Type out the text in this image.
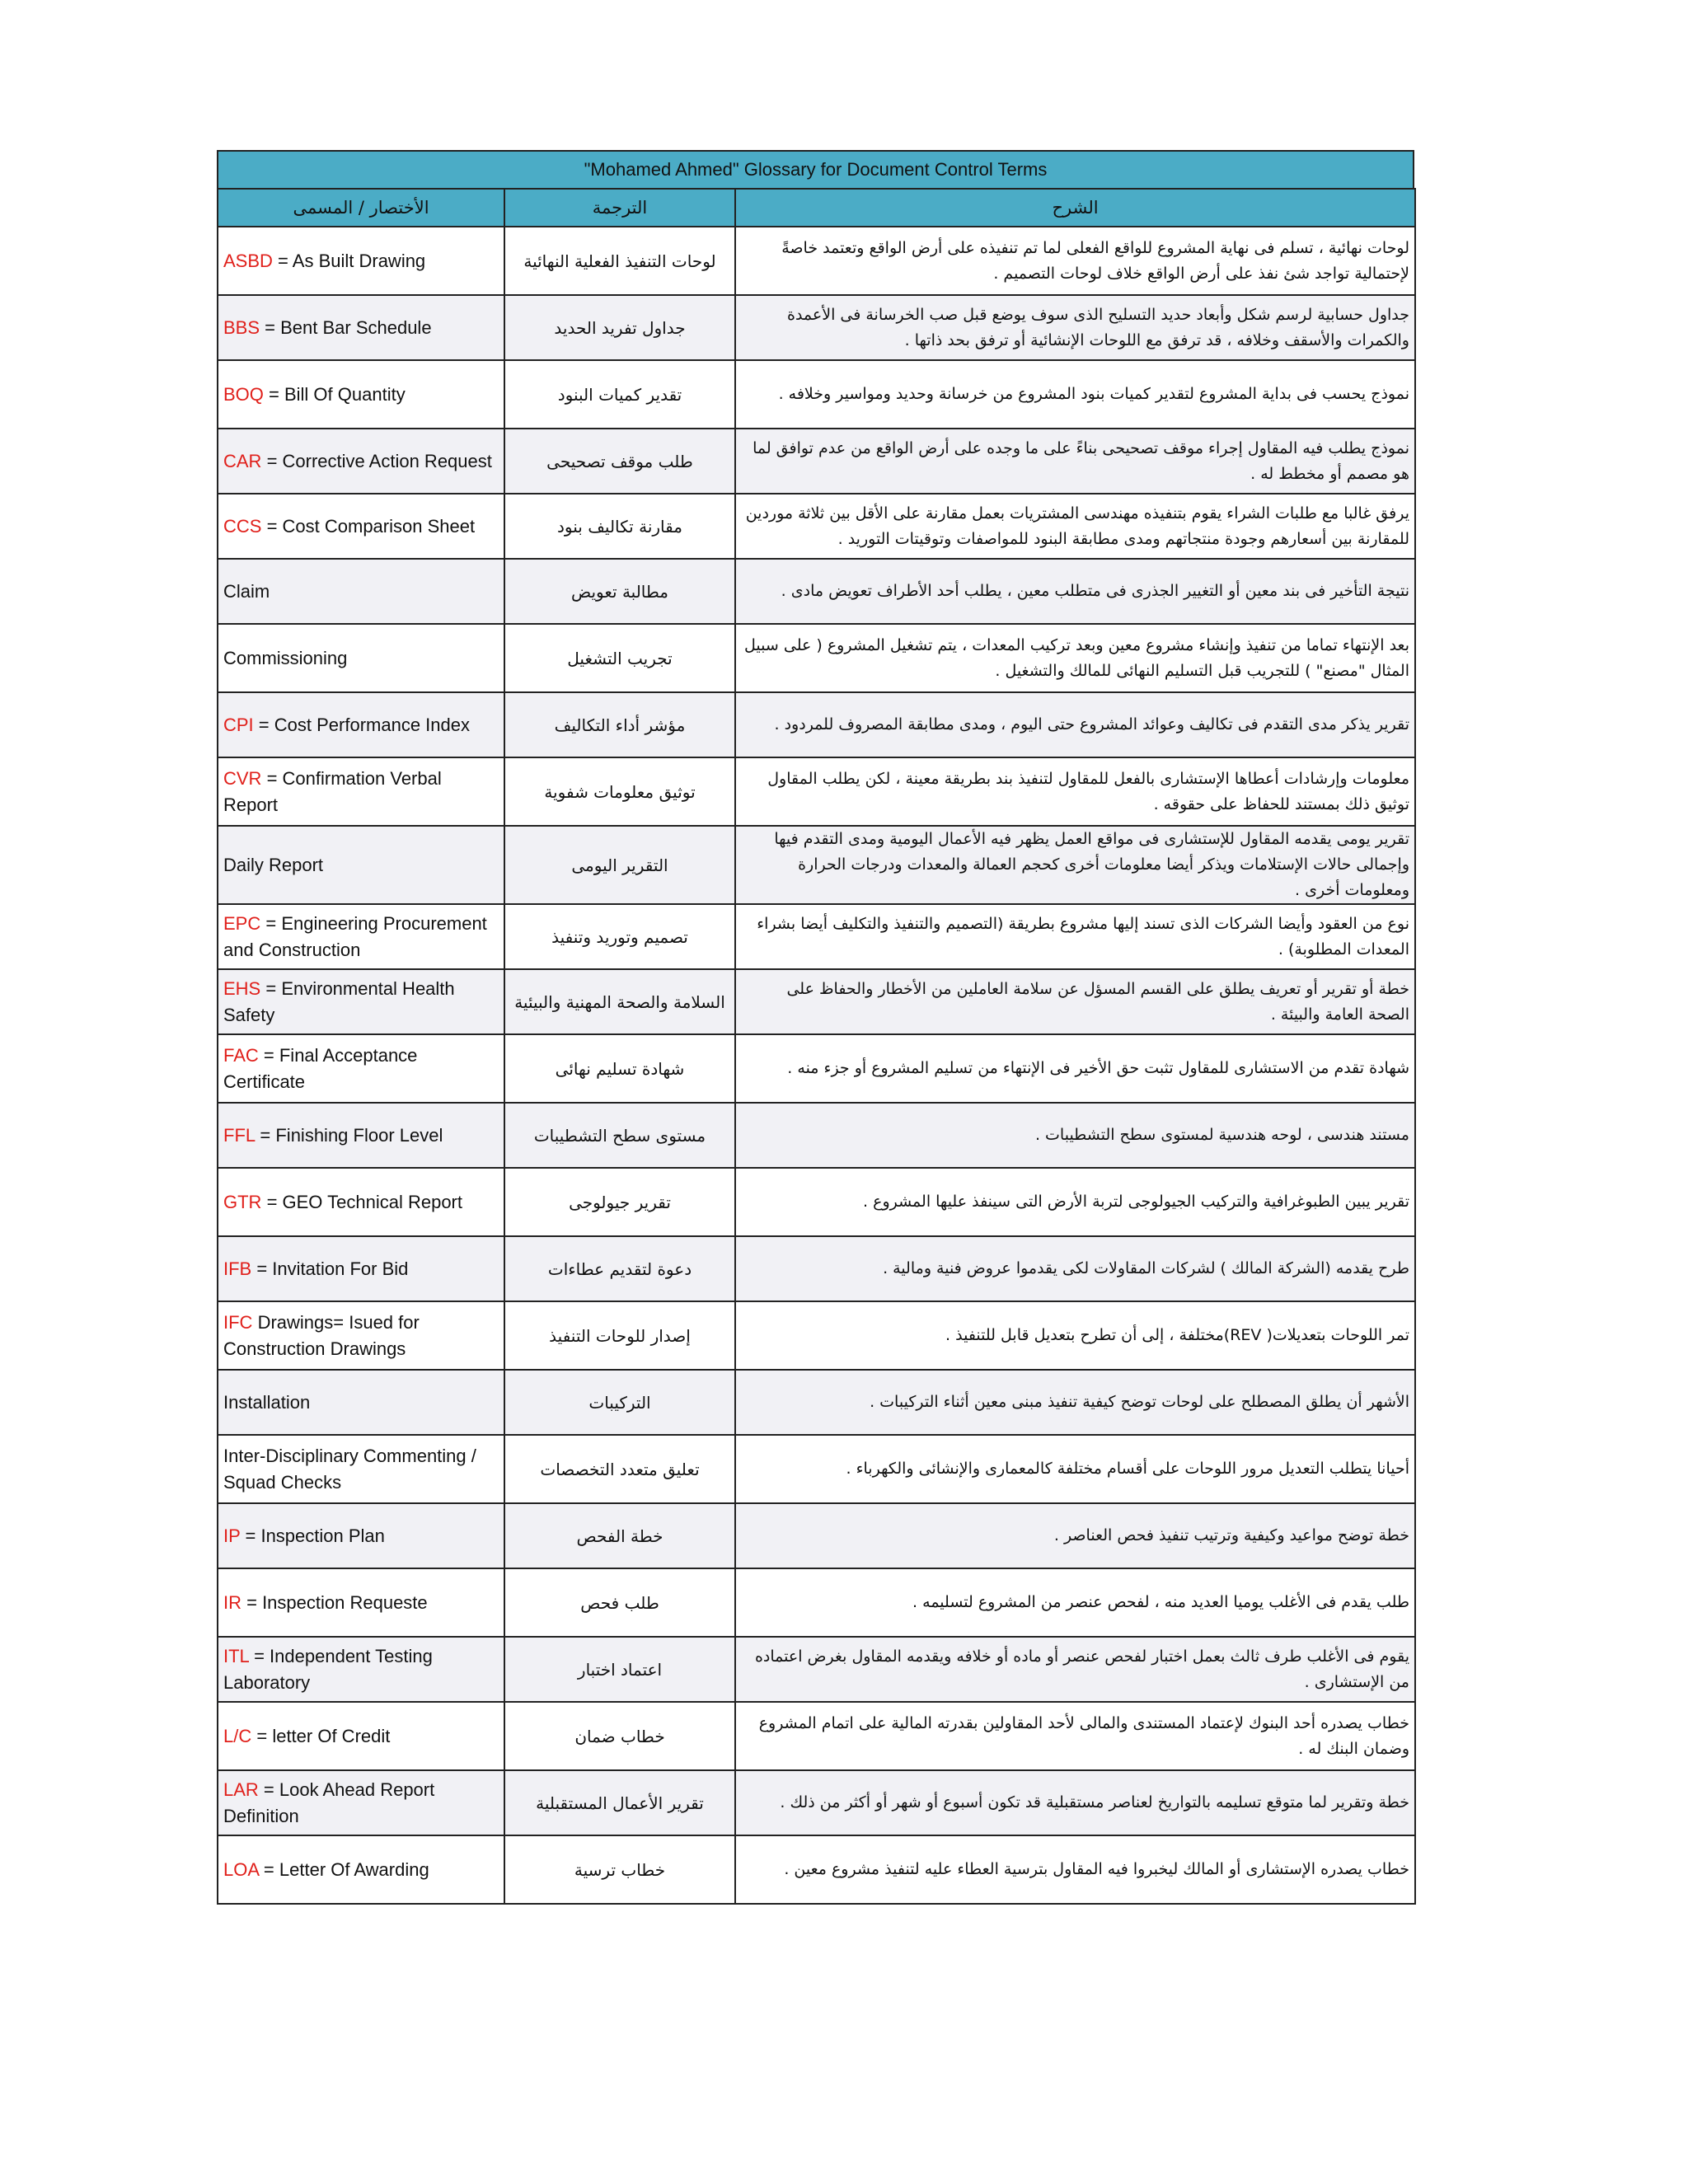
"Mohamed Ahmed" Glossary for Document Control Terms
الأختصار / المسمى	الترجمة	الشرح
ASBD = As Built Drawing	لوحات التنفيذ الفعلية النهائية	لوحات نهائية ، تسلم فى نهاية المشروع للواقع الفعلى لما تم تنفيذه على أرض الواقع وتعتمد خاصةً لإحتمالية تواجد شئ نفذ على أرض الواقع خلاف لوحات التصميم .
BBS = Bent Bar Schedule	جداول تفريد الحديد	جداول حسابية لرسم شكل وأبعاد حديد التسليح الذى سوف يوضع قبل صب الخرسانة فى الأعمدة والكمرات والأسقف وخلافه ، قد ترفق مع اللوحات الإنشائية أو ترفق بحد ذاتها .
BOQ = Bill Of Quantity	تقدير كميات البنود	نموذج يحسب فى بداية المشروع لتقدير كميات بنود المشروع من خرسانة وحديد ومواسير وخلافه .
CAR = Corrective Action Request	طلب موقف تصحيحى	نموذج يطلب فيه المقاول إجراء موقف تصحيحى بناءً على ما وجده على أرض الواقع من عدم توافق لما هو مصمم أو مخطط له .
CCS = Cost Comparison Sheet	مقارنة تكاليف بنود	يرفق غالبا مع طلبات الشراء يقوم بتنفيذه مهندسى المشتريات بعمل مقارنة على الأقل بين ثلاثة موردين للمقارنة بين أسعارهم وجودة منتجاتهم ومدى مطابقة البنود للمواصفات وتوقيتات التوريد .
Claim	مطالبة تعويض	نتيجة التأخير فى بند معين أو التغيير الجذرى فى متطلب معين ، يطلب أحد الأطراف تعويض مادى .
Commissioning	تجريب التشغيل	بعد الإنتهاء تماما من تنفيذ وإنشاء مشروع معين وبعد تركيب المعدات ، يتم تشغيل المشروع ( على سبيل المثال "مصنع" ) للتجريب قبل التسليم النهائى للمالك والتشغيل .
CPI = Cost Performance Index	مؤشر أداء التكاليف	تقرير يذكر مدى التقدم فى تكاليف وعوائد المشروع حتى اليوم ، ومدى مطابقة المصروف للمردود .
CVR = Confirmation Verbal Report	توثيق معلومات شفوية	معلومات وإرشادات أعطاها الإستشارى بالفعل للمقاول لتنفيذ بند بطريقة معينة ، لكن يطلب المقاول توثيق ذلك بمستند للحفاظ على حقوقه .
Daily Report	التقرير اليومى	تقرير يومى يقدمه المقاول للإستشارى فى مواقع العمل يظهر فيه الأعمال اليومية ومدى التقدم فيها وإجمالى حالات الإستلامات ويذكر أيضا معلومات أخرى كحجم العمالة والمعدات ودرجات الحرارة ومعلومات أخرى .
EPC = Engineering Procurement and Construction	تصميم وتوريد وتنفيذ	نوع من العقود وأيضا الشركات الذى تسند إليها مشروع بطريقة (التصميم والتنفيذ والتكليف أيضا بشراء المعدات المطلوبة) .
EHS = Environmental Health Safety	السلامة والصحة المهنية والبيئية	خطة أو تقرير أو تعريف يطلق على القسم المسؤل عن سلامة العاملين من الأخطار والحفاظ على الصحة العامة والبيئة .
FAC = Final Acceptance Certificate	شهادة تسليم نهائى	شهادة تقدم من الاستشارى للمقاول تثبت حق الأخير فى الإنتهاء من تسليم المشروع أو جزء منه .
FFL = Finishing Floor Level	مستوى سطح التشطيبات	مستند هندسى ، لوحه هندسية لمستوى سطح التشطيبات .
GTR = GEO Technical Report	تقرير جيولوجى	تقرير يبين الطبوغرافية والتركيب الجيولوجى لتربة الأرض التى سينفذ عليها المشروع .
IFB = Invitation For Bid	دعوة لتقديم عطاءات	طرح يقدمه (الشركة المالك ) لشركات المقاولات لكى يقدموا عروض فنية ومالية .
IFC Drawings= Isued for Construction Drawings	إصدار للوحات التنفيذ	تمر اللوحات بتعديلات( REV)مختلفة ، إلى أن تطرح بتعديل قابل للتنفيذ .
Installation	التركيبات	الأشهر أن يطلق المصطلح على لوحات توضح كيفية تنفيذ مبنى معين أثناء التركيبات .
Inter-Disciplinary Commenting / Squad Checks	تعليق متعدد التخصصات	أحيانا يتطلب التعديل مرور اللوحات على أقسام مختلفة كالمعمارى والإنشائى والكهرباء .
IP = Inspection Plan	خطة الفحص	خطة توضح مواعيد وكيفية وترتيب تنفيذ فحص العناصر .
IR = Inspection Requeste	طلب فحص	طلب يقدم فى الأغلب يوميا العديد منه ، لفحص عنصر من المشروع لتسليمه .
ITL = Independent Testing Laboratory	اعتماد اختبار	يقوم فى الأغلب طرف ثالث بعمل اختبار لفحص عنصر أو ماده أو خلافه ويقدمه المقاول بغرض اعتماده من الإستشارى .
L/C = letter Of Credit	خطاب ضمان	خطاب يصدره أحد البنوك لإعتماد المستندى والمالى لأحد المقاولين بقدرته المالية على اتمام المشروع وضمان البنك له .
LAR = Look Ahead Report Definition	تقرير الأعمال المستقبلية	خطة وتقرير لما متوقع تسليمه بالتواريخ لعناصر مستقبلية قد تكون أسبوع أو شهر أو أكثر من ذلك .
LOA = Letter Of Awarding	خطاب ترسية	خطاب يصدره الإستشارى أو المالك ليخبروا فيه المقاول بترسية العطاء عليه لتنفيذ مشروع معين .
